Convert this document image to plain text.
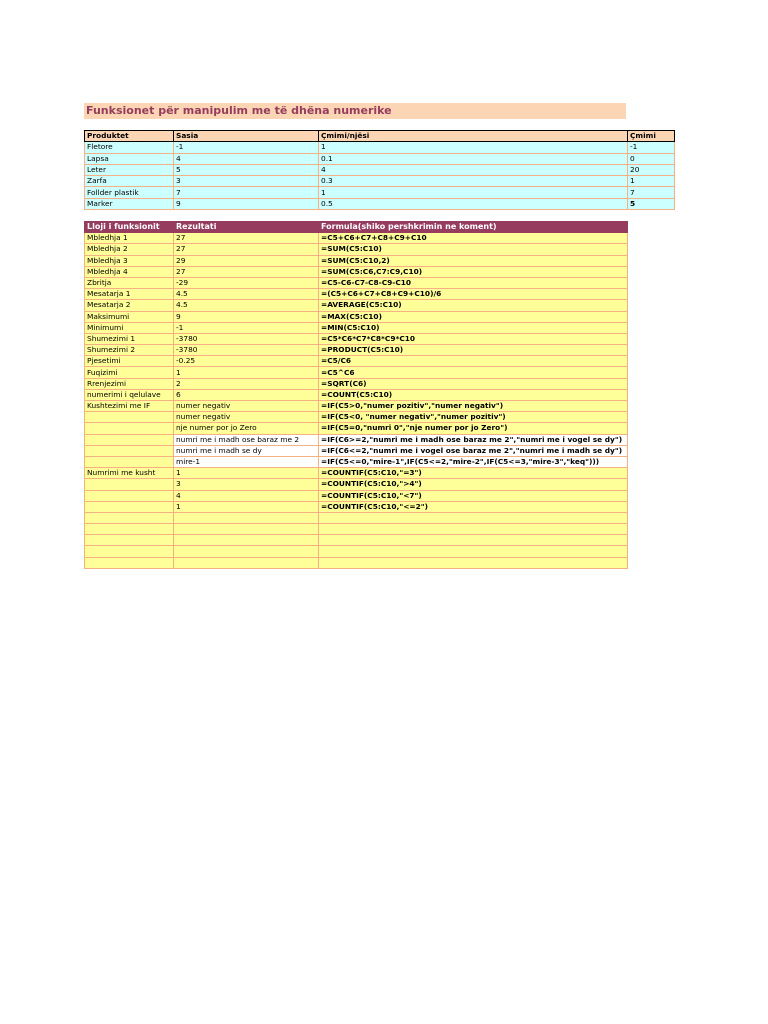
Funksionet për manipulim me të dhëna numerike
Produktet	Sasia	Çmimi/njësi	Çmimi
Fletore	-1	1	-1
Lapsa	4	0.1	0
Leter	5	4	20
Zarfa	3	0.3	1
Follder plastik	7	1	7
Marker	9	0.5	5
Lloji i funksionit	Rezultati	Formula(shiko pershkrimin ne koment)
Mbledhja 1	27	=C5+C6+C7+C8+C9+C10
Mbledhja 2	27	=SUM(C5:C10)
Mbledhja 3	29	=SUM(C5:C10,2)
Mbledhja 4	27	=SUM(C5:C6,C7:C9,C10)
Zbritja	-29	=C5-C6-C7-C8-C9-C10
Mesatarja 1	4.5	=(C5+C6+C7+C8+C9+C10)/6
Mesatarja 2	4.5	=AVERAGE(C5:C10)
Maksimumi	9	=MAX(C5:C10)
Minimumi	-1	=MIN(C5:C10)
Shumezimi 1	-3780	=C5*C6*C7*C8*C9*C10
Shumezimi 2	-3780	=PRODUCT(C5:C10)
Pjesetimi	-0.25	=C5/C6
Fuqizimi	1	=C5^C6
Rrenjezimi	2	=SQRT(C6)
numerimi i qelulave	6	=COUNT(C5:C10)
Kushtezimi me IF	numer negativ	=IF(C5>0,"numer pozitiv","numer negativ")
	numer negativ	=IF(C5<0, "numer negativ","numer pozitiv")
	nje numer por jo Zero	=IF(C5=0,"numri 0","nje numer por jo Zero")
	numri me i madh ose baraz me 2	=IF(C6>=2,"numri me i madh ose baraz me 2","numri me i vogel se dy")
	numri me i madh se dy	=IF(C6<=2,"numri me i vogel ose baraz me 2","numri me i madh se dy")
	mire-1	=IF(C5<=0,"mire-1",IF(C5<=2,"mire-2",IF(C5<=3,"mire-3","keq")))
Numrimi me kusht	1	=COUNTIF(C5:C10,"=3")
	3	=COUNTIF(C5:C10,">4")
	4	=COUNTIF(C5:C10,"<7")
	1	=COUNTIF(C5:C10,"<=2")
